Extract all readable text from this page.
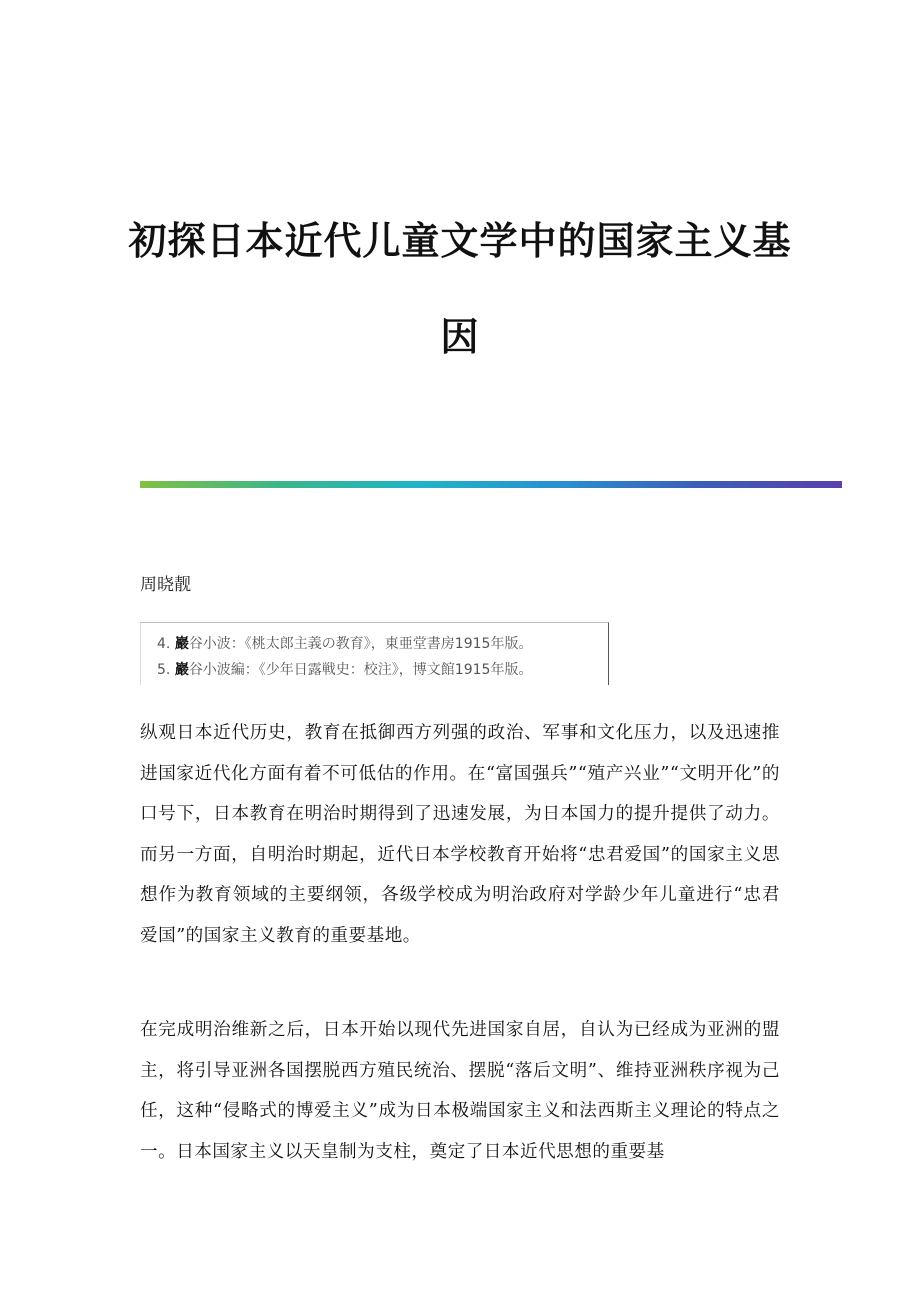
初探日本近代儿童文学中的国家主义基
因
周晓靓
4. 巖谷小波：《桃太郎主義の教育》，東亜堂書房1915年版。
5. 巖谷小波編：《少年日露戦史：校注》，博文館1915年版。
纵观日本近代历史，教育在抵御西方列强的政治、军事和文化压力，以及迅速推进国家近代化方面有着不可低估的作用。在“富国强兵”“殖产兴业”“文明开化”的口号下，日本教育在明治时期得到了迅速发展，为日本国力的提升提供了动力。而另一方面，自明治时期起，近代日本学校教育开始将“忠君爱国”的国家主义思想作为教育领域的主要纲领，各级学校成为明治政府对学龄少年儿童进行“忠君爱国”的国家主义教育的重要基地。
在完成明治维新之后，日本开始以现代先进国家自居，自认为已经成为亚洲的盟主，将引导亚洲各国摆脱西方殖民统治、摆脱“落后文明”、维持亚洲秩序视为己任，这种“侵略式的博爱主义”成为日本极端国家主义和法西斯主义理论的特点之一。日本国家主义以天皇制为支柱，奠定了日本近代思想的重要基
